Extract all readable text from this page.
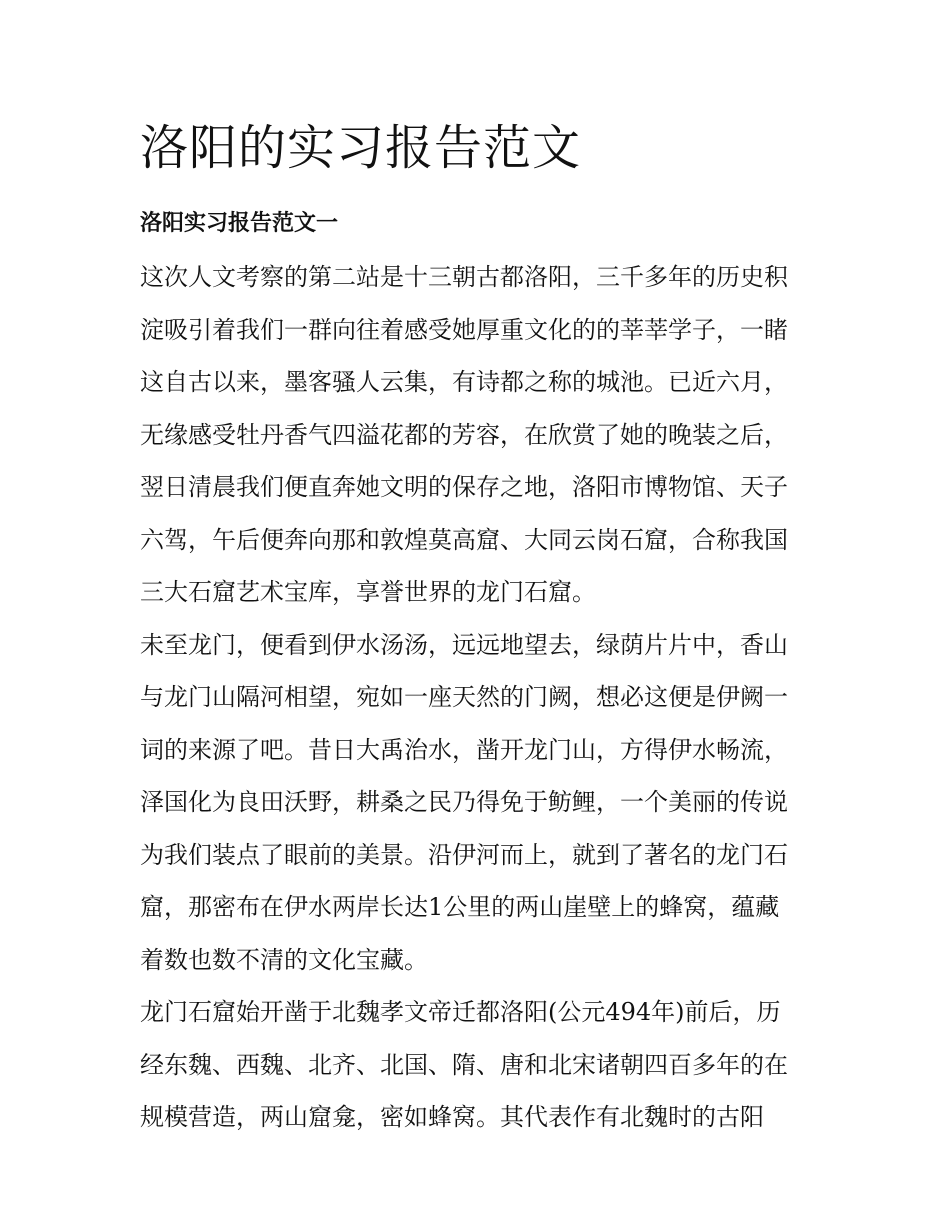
洛阳的实习报告范文
洛阳实习报告范文一

这次人文考察的第二站是十三朝古都洛阳，三千多年的历史积
淀吸引着我们一群向往着感受她厚重文化的的莘莘学子，一睹
这自古以来，墨客骚人云集，有诗都之称的城池。已近六月，
无缘感受牡丹香气四溢花都的芳容，在欣赏了她的晚装之后，
翌日清晨我们便直奔她文明的保存之地，洛阳市博物馆、天子
六驾，午后便奔向那和敦煌莫高窟、大同云岗石窟，合称我国
三大石窟艺术宝库，享誉世界的龙门石窟。

未至龙门，便看到伊水汤汤，远远地望去，绿荫片片中，香山
与龙门山隔河相望，宛如一座天然的门阙，想必这便是伊阙一
词的来源了吧。昔日大禹治水，凿开龙门山，方得伊水畅流，
泽国化为良田沃野，耕桑之民乃得免于鲂鲤，一个美丽的传说
为我们装点了眼前的美景。沿伊河而上，就到了著名的龙门石
窟，那密布在伊水两岸长达1公里的两山崖壁上的蜂窝，蕴藏
着数也数不清的文化宝藏。

龙门石窟始开凿于北魏孝文帝迁都洛阳(公元494年)前后，历
经东魏、西魏、北齐、北国、隋、唐和北宋诸朝四百多年的在
规模营造，两山窟龛，密如蜂窝。其代表作有北魏时的古阳
